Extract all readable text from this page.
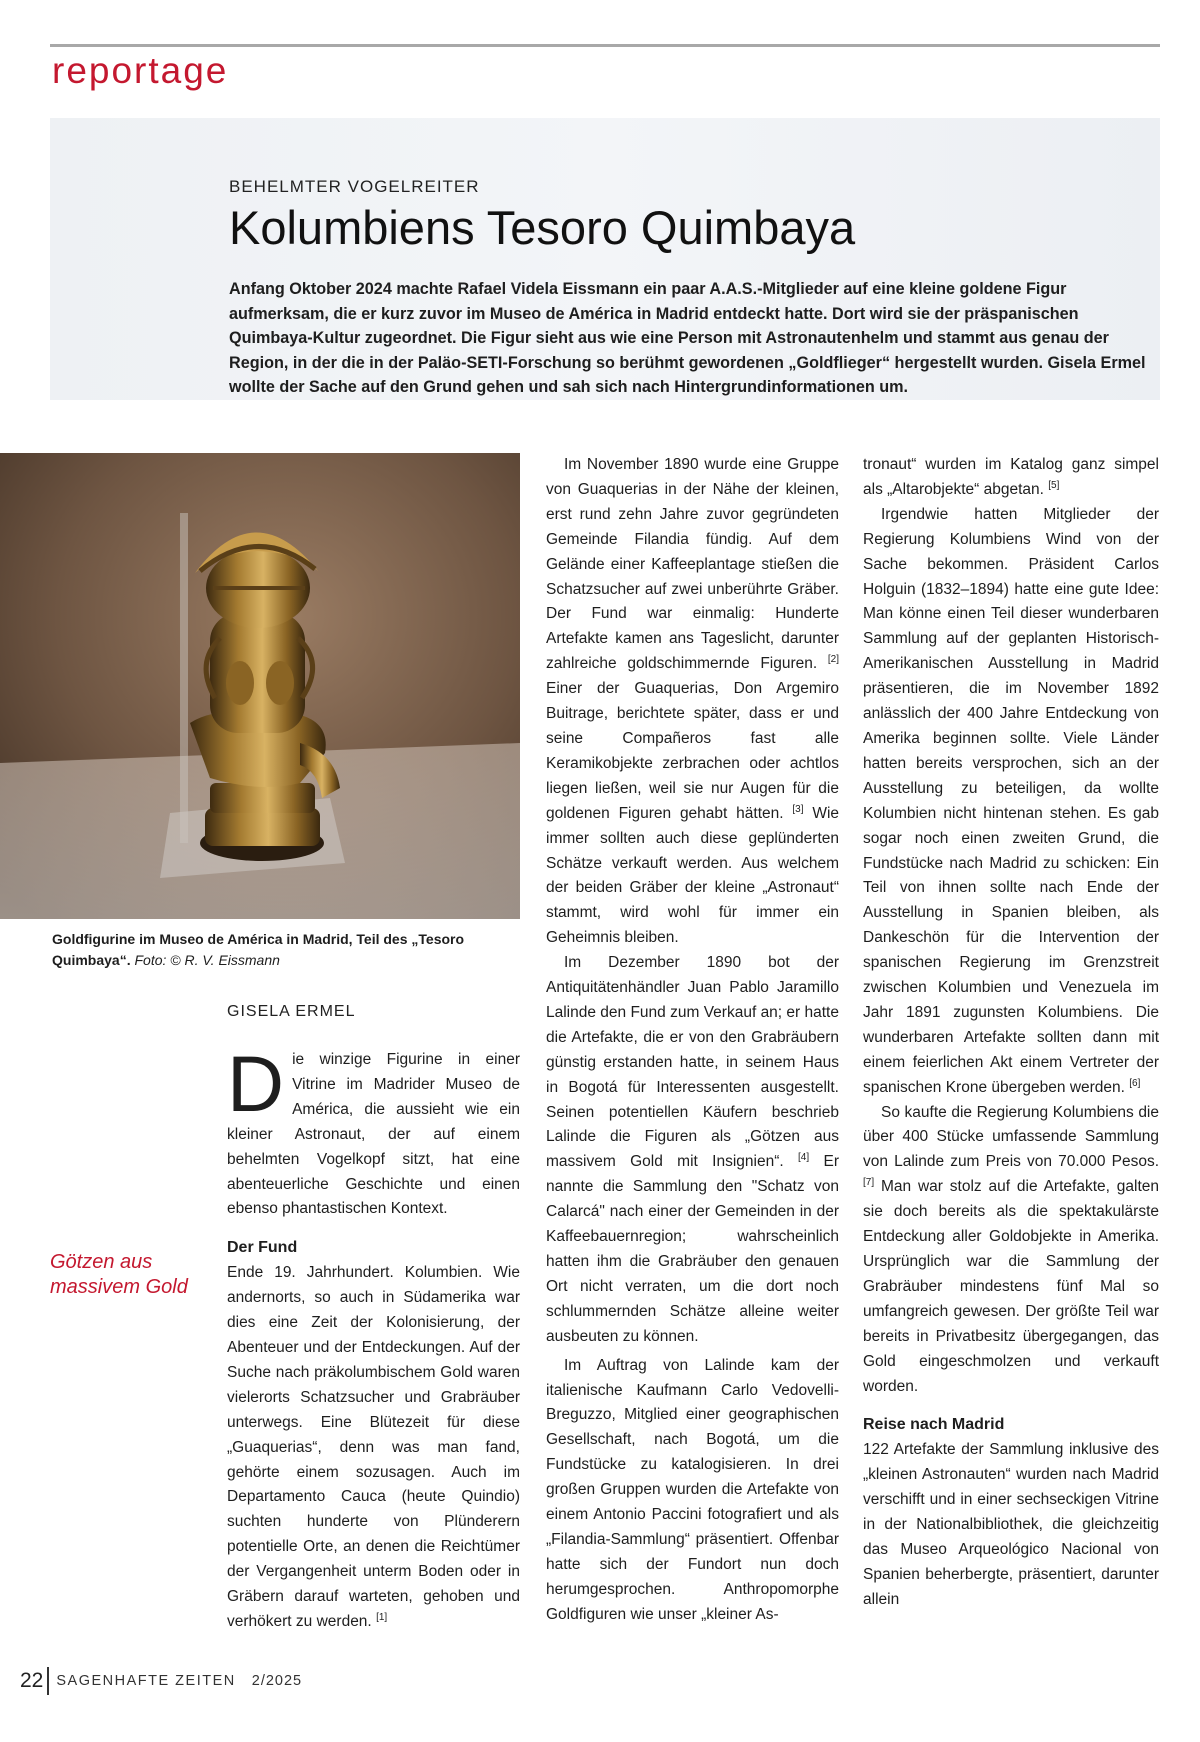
reportage
BEHELMTER VOGELREITER
Kolumbiens Tesoro Quimbaya

Anfang Oktober 2024 machte Rafael Videla Eissmann ein paar A.A.S.-Mitglieder auf eine kleine goldene Figur aufmerksam, die er kurz zuvor im Museo de América in Madrid entdeckt hatte. Dort wird sie der präspanischen Quimbaya-Kultur zugeordnet. Die Figur sieht aus wie eine Person mit Astronautenhelm und stammt aus genau der Region, in der die in der Paläo-SETI-Forschung so berühmt gewordenen „Goldflieger“ hergestellt wurden. Gisela Ermel wollte der Sache auf den Grund gehen und sah sich nach Hintergrundinformationen um.

Goldfigurine im Museo de América in Madrid, Teil des „Tesoro Quimbaya“. Foto: © R. V. Eissmann

Götzen aus massivem Gold

GISELA ERMEL

Die winzige Figurine in einer Vitrine im Madrider Museo de América, die aussieht wie ein kleiner Astronaut, der auf einem behelmten Vogelkopf sitzt, hat eine abenteuerliche Geschichte und einen ebenso phantastischen Kontext.

Der Fund

Ende 19. Jahrhundert. Kolumbien. Wie andernorts, so auch in Südamerika war dies eine Zeit der Kolonisierung, der Abenteuer und der Entdeckungen. Auf der Suche nach präkolumbischem Gold waren vielerorts Schatzsucher und Grabräuber unterwegs. Eine Blütezeit für diese „Guaquerias“, denn was man fand, gehörte einem sozusagen. Auch im Departamento Cauca (heute Quindio) suchten hunderte von Plünderern potentielle Orte, an denen die Reichtümer der Vergangenheit unterm Boden oder in Gräbern darauf warteten, gehoben und verhökert zu werden. [1]

Im November 1890 wurde eine Gruppe von Guaquerias in der Nähe der kleinen, erst rund zehn Jahre zuvor gegründeten Gemeinde Filandia fündig. Auf dem Gelände einer Kaffeeplantage stießen die Schatzsucher auf zwei unberührte Gräber. Der Fund war einmalig: Hunderte Artefakte kamen ans Tageslicht, darunter zahlreiche goldschimmernde Figuren. [2] Einer der Guaquerias, Don Argemiro Buitrage, berichtete später, dass er und seine Compañeros fast alle Keramikobjekte zerbrachen oder achtlos liegen ließen, weil sie nur Augen für die goldenen Figuren gehabt hätten. [3] Wie immer sollten auch diese geplünderten Schätze verkauft werden. Aus welchem der beiden Gräber der kleine „Astronaut“ stammt, wird wohl für immer ein Geheimnis bleiben.

Im Dezember 1890 bot der Antiquitätenhändler Juan Pablo Jaramillo Lalinde den Fund zum Verkauf an; er hatte die Artefakte, die er von den Grabräubern günstig erstanden hatte, in seinem Haus in Bogotá für Interessenten ausgestellt. Seinen potentiellen Käufern beschrieb Lalinde die Figuren als „Götzen aus massivem Gold mit Insignien“. [4] Er nannte die Sammlung den "Schatz von Calarcá" nach einer der Gemeinden in der Kaffeebauernregion; wahrscheinlich hatten ihm die Grabräuber den genauen Ort nicht verraten, um die dort noch schlummernden Schätze alleine weiter ausbeuten zu können.

Im Auftrag von Lalinde kam der italienische Kaufmann Carlo Vedovelli-Breguzzo, Mitglied einer geographischen Gesellschaft, nach Bogotá, um die Fundstücke zu katalogisieren. In drei großen Gruppen wurden die Artefakte von einem Antonio Paccini fotografiert und als „Filandia-Sammlung“ präsentiert. Offenbar hatte sich der Fundort nun doch herumgesprochen. Anthropomorphe Goldfiguren wie unser „kleiner As-

tronaut“ wurden im Katalog ganz simpel als „Altarobjekte“ abgetan. [5]

Irgendwie hatten Mitglieder der Regierung Kolumbiens Wind von der Sache bekommen. Präsident Carlos Holguin (1832–1894) hatte eine gute Idee: Man könne einen Teil dieser wunderbaren Sammlung auf der geplanten Historisch-Amerikanischen Ausstellung in Madrid präsentieren, die im November 1892 anlässlich der 400 Jahre Entdeckung von Amerika beginnen sollte. Viele Länder hatten bereits versprochen, sich an der Ausstellung zu beteiligen, da wollte Kolumbien nicht hintenan stehen. Es gab sogar noch einen zweiten Grund, die Fundstücke nach Madrid zu schicken: Ein Teil von ihnen sollte nach Ende der Ausstellung in Spanien bleiben, als Dankeschön für die Intervention der spanischen Regierung im Grenzstreit zwischen Kolumbien und Venezuela im Jahr 1891 zugunsten Kolumbiens. Die wunderbaren Artefakte sollten dann mit einem feierlichen Akt einem Vertreter der spanischen Krone übergeben werden. [6]

So kaufte die Regierung Kolumbiens die über 400 Stücke umfassende Sammlung von Lalinde zum Preis von 70.000 Pesos. [7] Man war stolz auf die Artefakte, galten sie doch bereits als die spektakulärste Entdeckung aller Goldobjekte in Amerika. Ursprünglich war die Sammlung der Grabräuber mindestens fünf Mal so umfangreich gewesen. Der größte Teil war bereits in Privatbesitz übergegangen, das Gold eingeschmolzen und verkauft worden.

Reise nach Madrid

122 Artefakte der Sammlung inklusive des „kleinen Astronauten“ wurden nach Madrid verschifft und in einer sechseckigen Vitrine in der Nationalbibliothek, die gleichzeitig das Museo Arqueológico Nacional von Spanien beherbergte, präsentiert, darunter allein

22 SAGENHAFTE ZEITEN 2/2025
